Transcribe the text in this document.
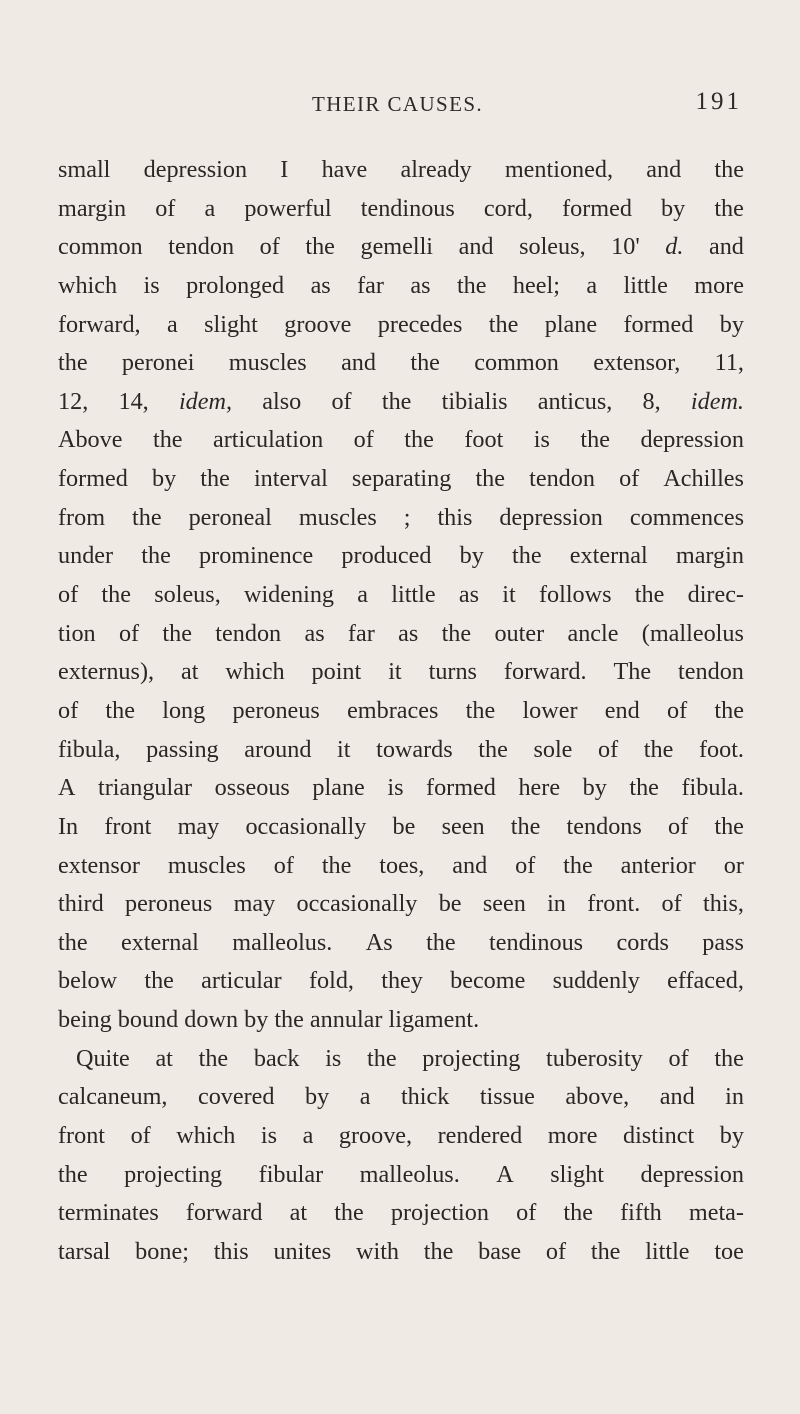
THEIR CAUSES.	191
small depression I have already mentioned, and the
margin of a powerful tendinous cord, formed by the
common tendon of the gemelli and soleus, 10' d. and
which is prolonged as far as the heel; a little more
forward, a slight groove precedes the plane formed by
the peronei muscles and the common extensor, 11,
12, 14, idem, also of the tibialis anticus, 8, idem.
Above the articulation of the foot is the depression
formed by the interval separating the tendon of Achilles
from the peroneal muscles ; this depression commences
under the prominence produced by the external margin
of the soleus, widening a little as it follows the direc-
tion of the tendon as far as the outer ancle (malleolus
externus), at which point it turns forward. The tendon
of the long peroneus embraces the lower end of the
fibula, passing around it towards the sole of the foot.
A triangular osseous plane is formed here by the fibula.
In front may occasionally be seen the tendons of the
extensor muscles of the toes, and of the anterior or
third peroneus may occasionally be seen in front. of this,
the external malleolus. As the tendinous cords pass
below the articular fold, they become suddenly effaced,
being bound down by the annular ligament.
Quite at the back is the projecting tuberosity of the
calcaneum, covered by a thick tissue above, and in
front of which is a groove, rendered more distinct by
the projecting fibular malleolus. A slight depression
terminates forward at the projection of the fifth meta-
tarsal bone; this unites with the base of the little toe
